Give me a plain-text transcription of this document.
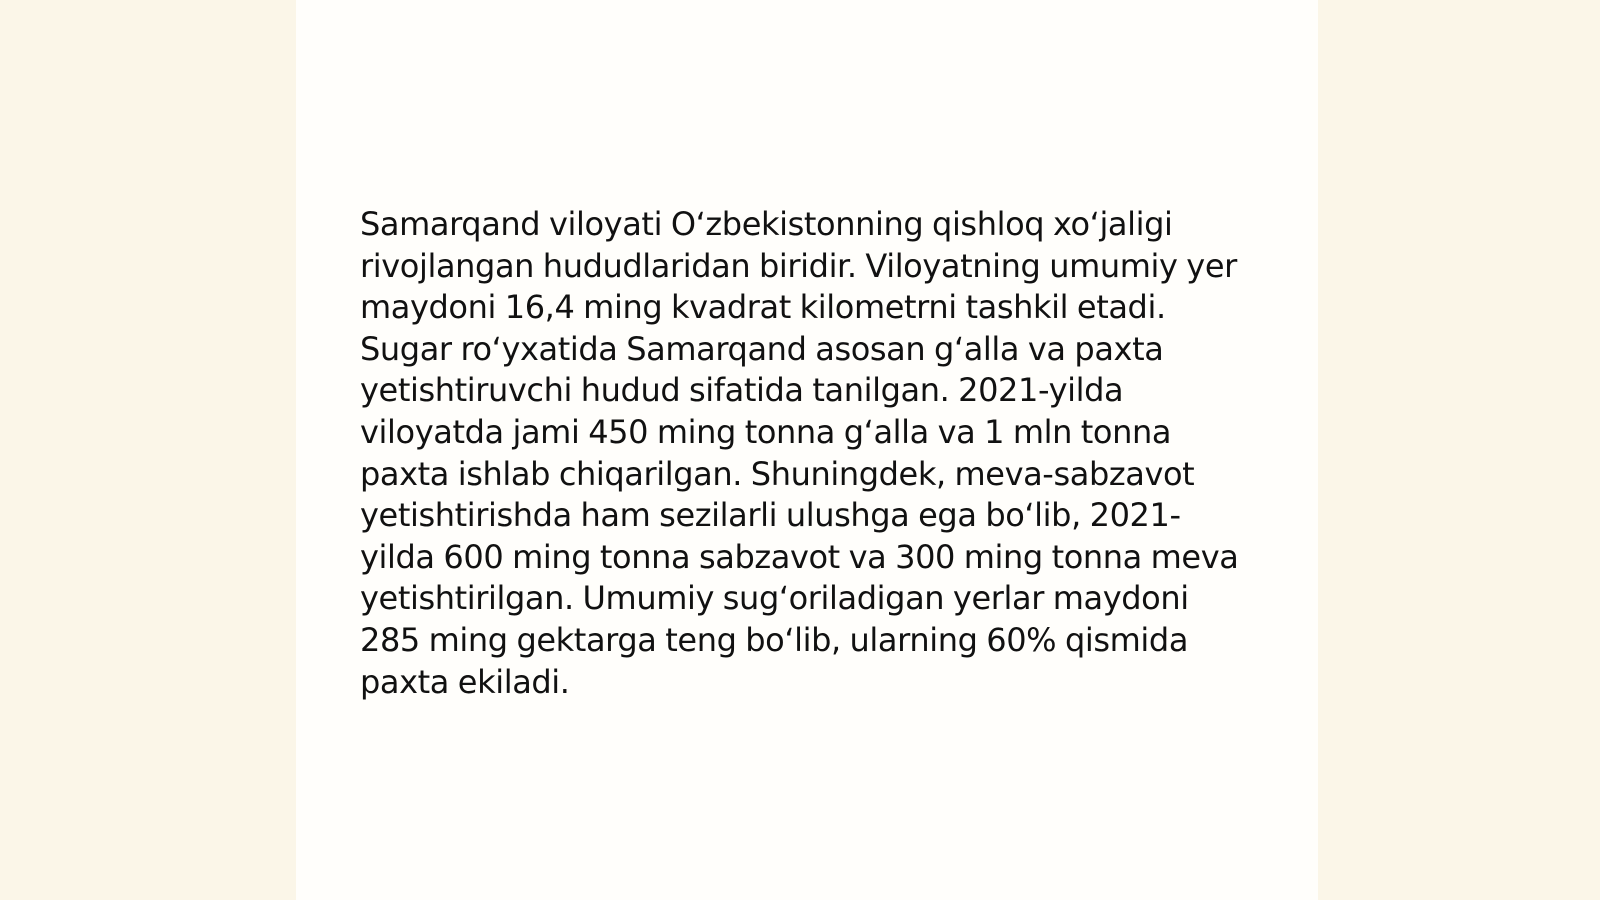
Samarqand viloyati O‘zbekistonning qishloq xo‘jaligi rivojlangan hududlaridan biridir. Viloyatning umumiy yer maydoni 16,4 ming kvadrat kilometrni tashkil etadi. Sugar ro‘yxatida Samarqand asosan g‘alla va paxta yetishtiruvchi hudud sifatida tanilgan. 2021-yilda viloyatda jami 450 ming tonna g‘alla va 1 mln tonna paxta ishlab chiqarilgan. Shuningdek, meva-sabzavot yetishtirishda ham sezilarli ulushga ega bo‘lib, 2021-yilda 600 ming tonna sabzavot va 300 ming tonna meva yetishtirilgan. Umumiy sug‘oriladigan yerlar maydoni 285 ming gektarga teng bo‘lib, ularning 60% qismida paxta ekiladi.
